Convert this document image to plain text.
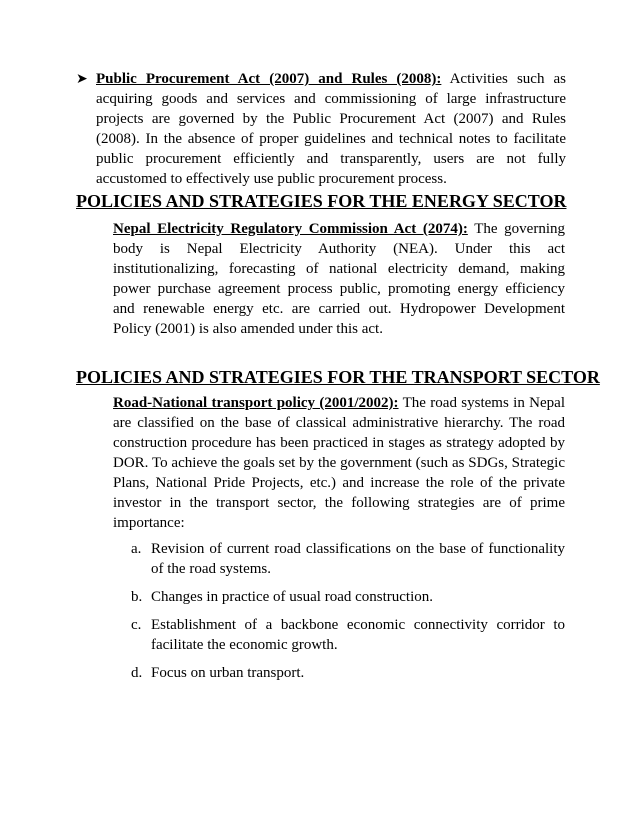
➤ Public Procurement Act (2007) and Rules (2008): Activities such as acquiring goods and services and commissioning of large infrastructure projects are governed by the Public Procurement Act (2007) and Rules (2008). In the absence of proper guidelines and technical notes to facilitate public procurement efficiently and transparently, users are not fully accustomed to effectively use public procurement process.

POLICIES AND STRATEGIES FOR THE ENERGY SECTOR

Nepal Electricity Regulatory Commission Act (2074): The governing body is Nepal Electricity Authority (NEA). Under this act institutionalizing, forecasting of national electricity demand, making power purchase agreement process public, promoting energy efficiency and renewable energy etc. are carried out. Hydropower Development Policy (2001) is also amended under this act.

POLICIES AND STRATEGIES FOR THE TRANSPORT SECTOR

Road-National transport policy (2001/2002): The road systems in Nepal are classified on the base of classical administrative hierarchy. The road construction procedure has been practiced in stages as strategy adopted by DOR. To achieve the goals set by the government (such as SDGs, Strategic Plans, National Pride Projects, etc.) and increase the role of the private investor in the transport sector, the following strategies are of prime importance:

a. Revision of current road classifications on the base of functionality of the road systems.
b. Changes in practice of usual road construction.
c. Establishment of a backbone economic connectivity corridor to facilitate the economic growth.
d. Focus on urban transport.
